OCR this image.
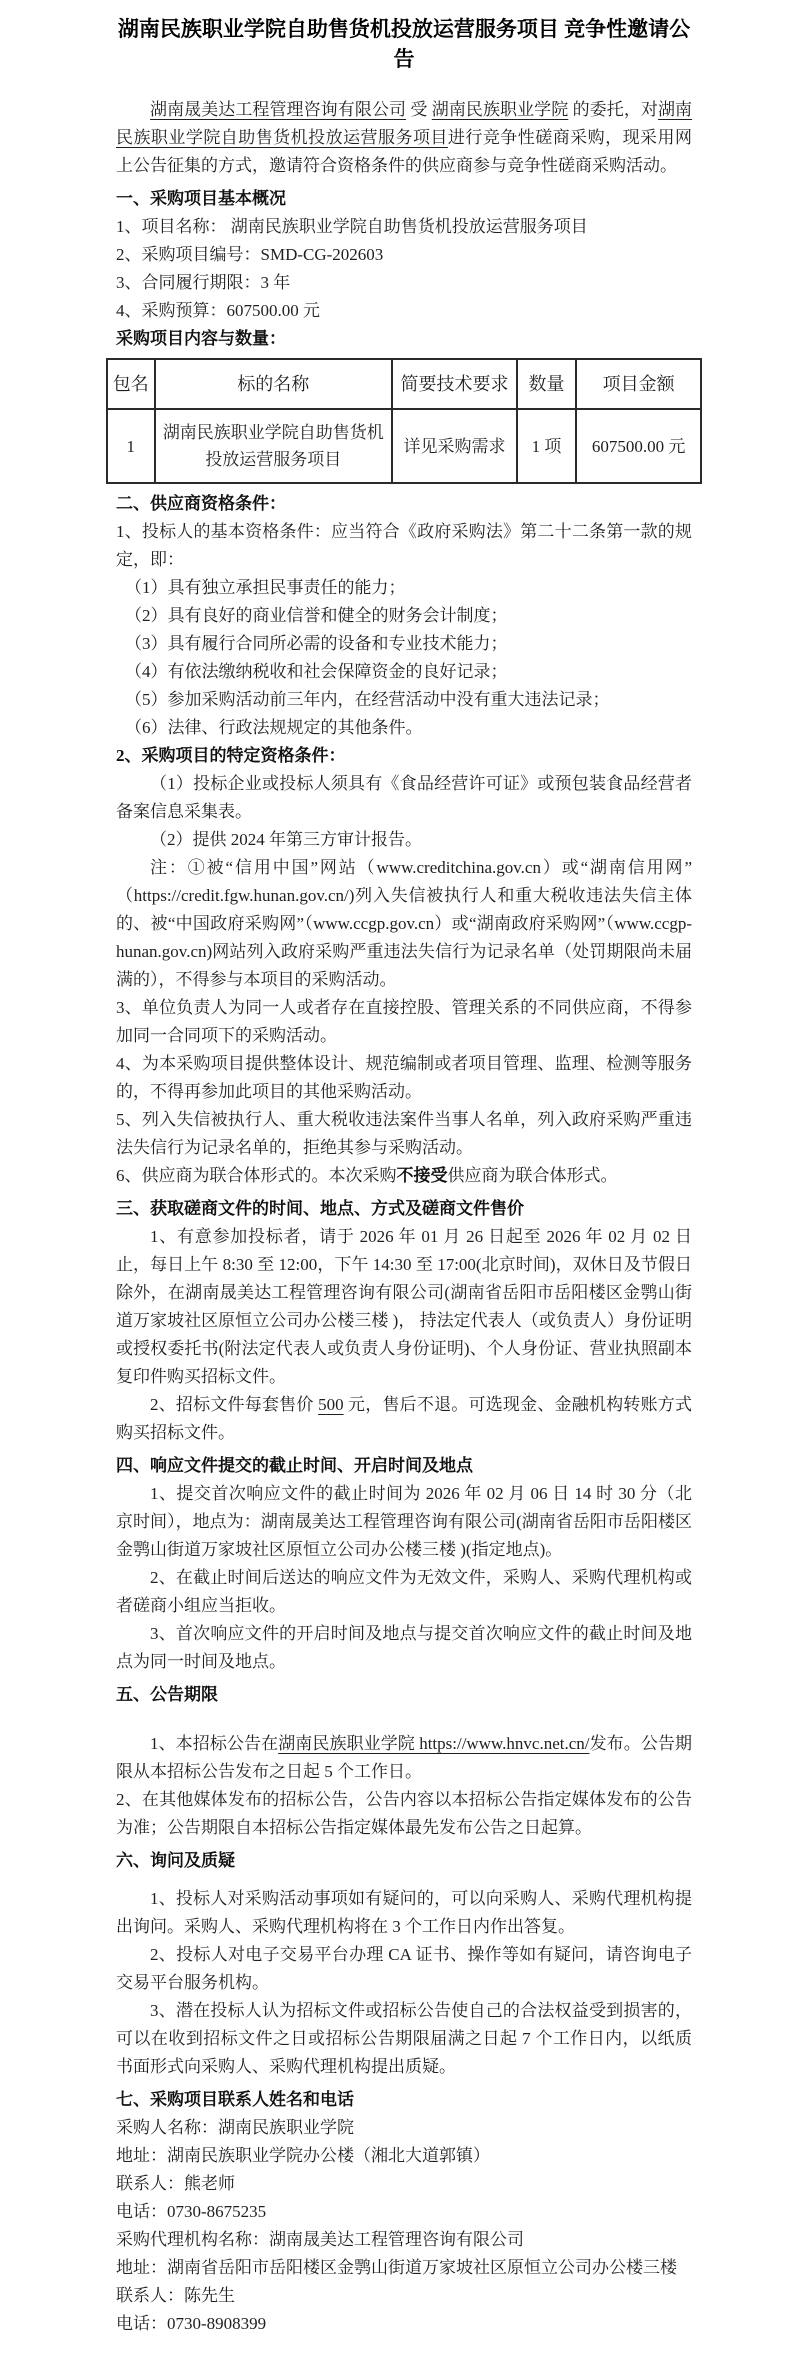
湖南民族职业学院自助售货机投放运营服务项目 竞争性邀请公告

湖南晟美达工程管理咨询有限公司 受 湖南民族职业学院 的委托，对湖南民族职业学院自助售货机投放运营服务项目进行竞争性磋商采购，现采用网上公告征集的方式，邀请符合资格条件的供应商参与竞争性磋商采购活动。

一、采购项目基本概况

1、项目名称： 湖南民族职业学院自助售货机投放运营服务项目

2、采购项目编号：SMD-CG-202603

3、合同履行期限：3 年

4、采购预算：607500.00 元

采购项目内容与数量：

包名	标的名称	简要技术要求	数量	项目金额
1	湖南民族职业学院自助售货机投放运营服务项目	详见采购需求	1 项	607500.00 元

二、供应商资格条件：

1、投标人的基本资格条件：应当符合《政府采购法》第二十二条第一款的规定，即：

（1）具有独立承担民事责任的能力；

（2）具有良好的商业信誉和健全的财务会计制度；

（3）具有履行合同所必需的设备和专业技术能力；

（4）有依法缴纳税收和社会保障资金的良好记录；

（5）参加采购活动前三年内，在经营活动中没有重大违法记录；

（6）法律、行政法规规定的其他条件。

2、采购项目的特定资格条件：

（1）投标企业或投标人须具有《食品经营许可证》或预包装食品经营者备案信息采集表。

（2）提供 2024 年第三方审计报告。

注：①被“信用中国”网站（www.creditchina.gov.cn）或“湖南信用网”（https://credit.fgw.hunan.gov.cn/)列入失信被执行人和重大税收违法失信主体的、被“中国政府采购网”（www.ccgp.gov.cn）或“湖南政府采购网”（www.ccgp-hunan.gov.cn)网站列入政府采购严重违法失信行为记录名单（处罚期限尚未届满的），不得参与本项目的采购活动。

3、单位负责人为同一人或者存在直接控股、管理关系的不同供应商，不得参加同一合同项下的采购活动。

4、为本采购项目提供整体设计、规范编制或者项目管理、监理、检测等服务的，不得再参加此项目的其他采购活动。

5、列入失信被执行人、重大税收违法案件当事人名单，列入政府采购严重违法失信行为记录名单的，拒绝其参与采购活动。

6、供应商为联合体形式的。本次采购不接受供应商为联合体形式。

三、获取磋商文件的时间、地点、方式及磋商文件售价

1、有意参加投标者，请于 2026 年 01 月 26 日起至 2026 年 02 月 02 日止，每日上午 8:30 至 12:00，下午 14:30 至 17:00(北京时间)，双休日及节假日除外，在湖南晟美达工程管理咨询有限公司(湖南省岳阳市岳阳楼区金鹗山街道万家坡社区原恒立公司办公楼三楼 )， 持法定代表人（或负责人）身份证明或授权委托书(附法定代表人或负责人身份证明)、个人身份证、营业执照副本复印件购买招标文件。

2、招标文件每套售价 500 元，售后不退。可选现金、金融机构转账方式购买招标文件。

四、响应文件提交的截止时间、开启时间及地点

1、提交首次响应文件的截止时间为 2026 年 02 月 06 日 14 时 30 分（北京时间），地点为：湖南晟美达工程管理咨询有限公司(湖南省岳阳市岳阳楼区金鹗山街道万家坡社区原恒立公司办公楼三楼 )(指定地点)。

2、在截止时间后送达的响应文件为无效文件，采购人、采购代理机构或者磋商小组应当拒收。

3、首次响应文件的开启时间及地点与提交首次响应文件的截止时间及地点为同一时间及地点。

五、公告期限

1、本招标公告在湖南民族职业学院 https://www.hnvc.net.cn/发布。公告期限从本招标公告发布之日起 5 个工作日。

2、在其他媒体发布的招标公告，公告内容以本招标公告指定媒体发布的公告为准；公告期限自本招标公告指定媒体最先发布公告之日起算。

六、询问及质疑

1、投标人对采购活动事项如有疑问的，可以向采购人、采购代理机构提出询问。采购人、采购代理机构将在 3 个工作日内作出答复。

2、投标人对电子交易平台办理 CA 证书、操作等如有疑问，请咨询电子交易平台服务机构。

3、潜在投标人认为招标文件或招标公告使自己的合法权益受到损害的，可以在收到招标文件之日或招标公告期限届满之日起 7 个工作日内，以纸质书面形式向采购人、采购代理机构提出质疑。

七、采购项目联系人姓名和电话

采购人名称：湖南民族职业学院

地址：湖南民族职业学院办公楼（湘北大道郭镇）

联系人：熊老师

电话：0730-8675235

采购代理机构名称：湖南晟美达工程管理咨询有限公司

地址：湖南省岳阳市岳阳楼区金鹗山街道万家坡社区原恒立公司办公楼三楼

联系人：陈先生

电话：0730-8908399
